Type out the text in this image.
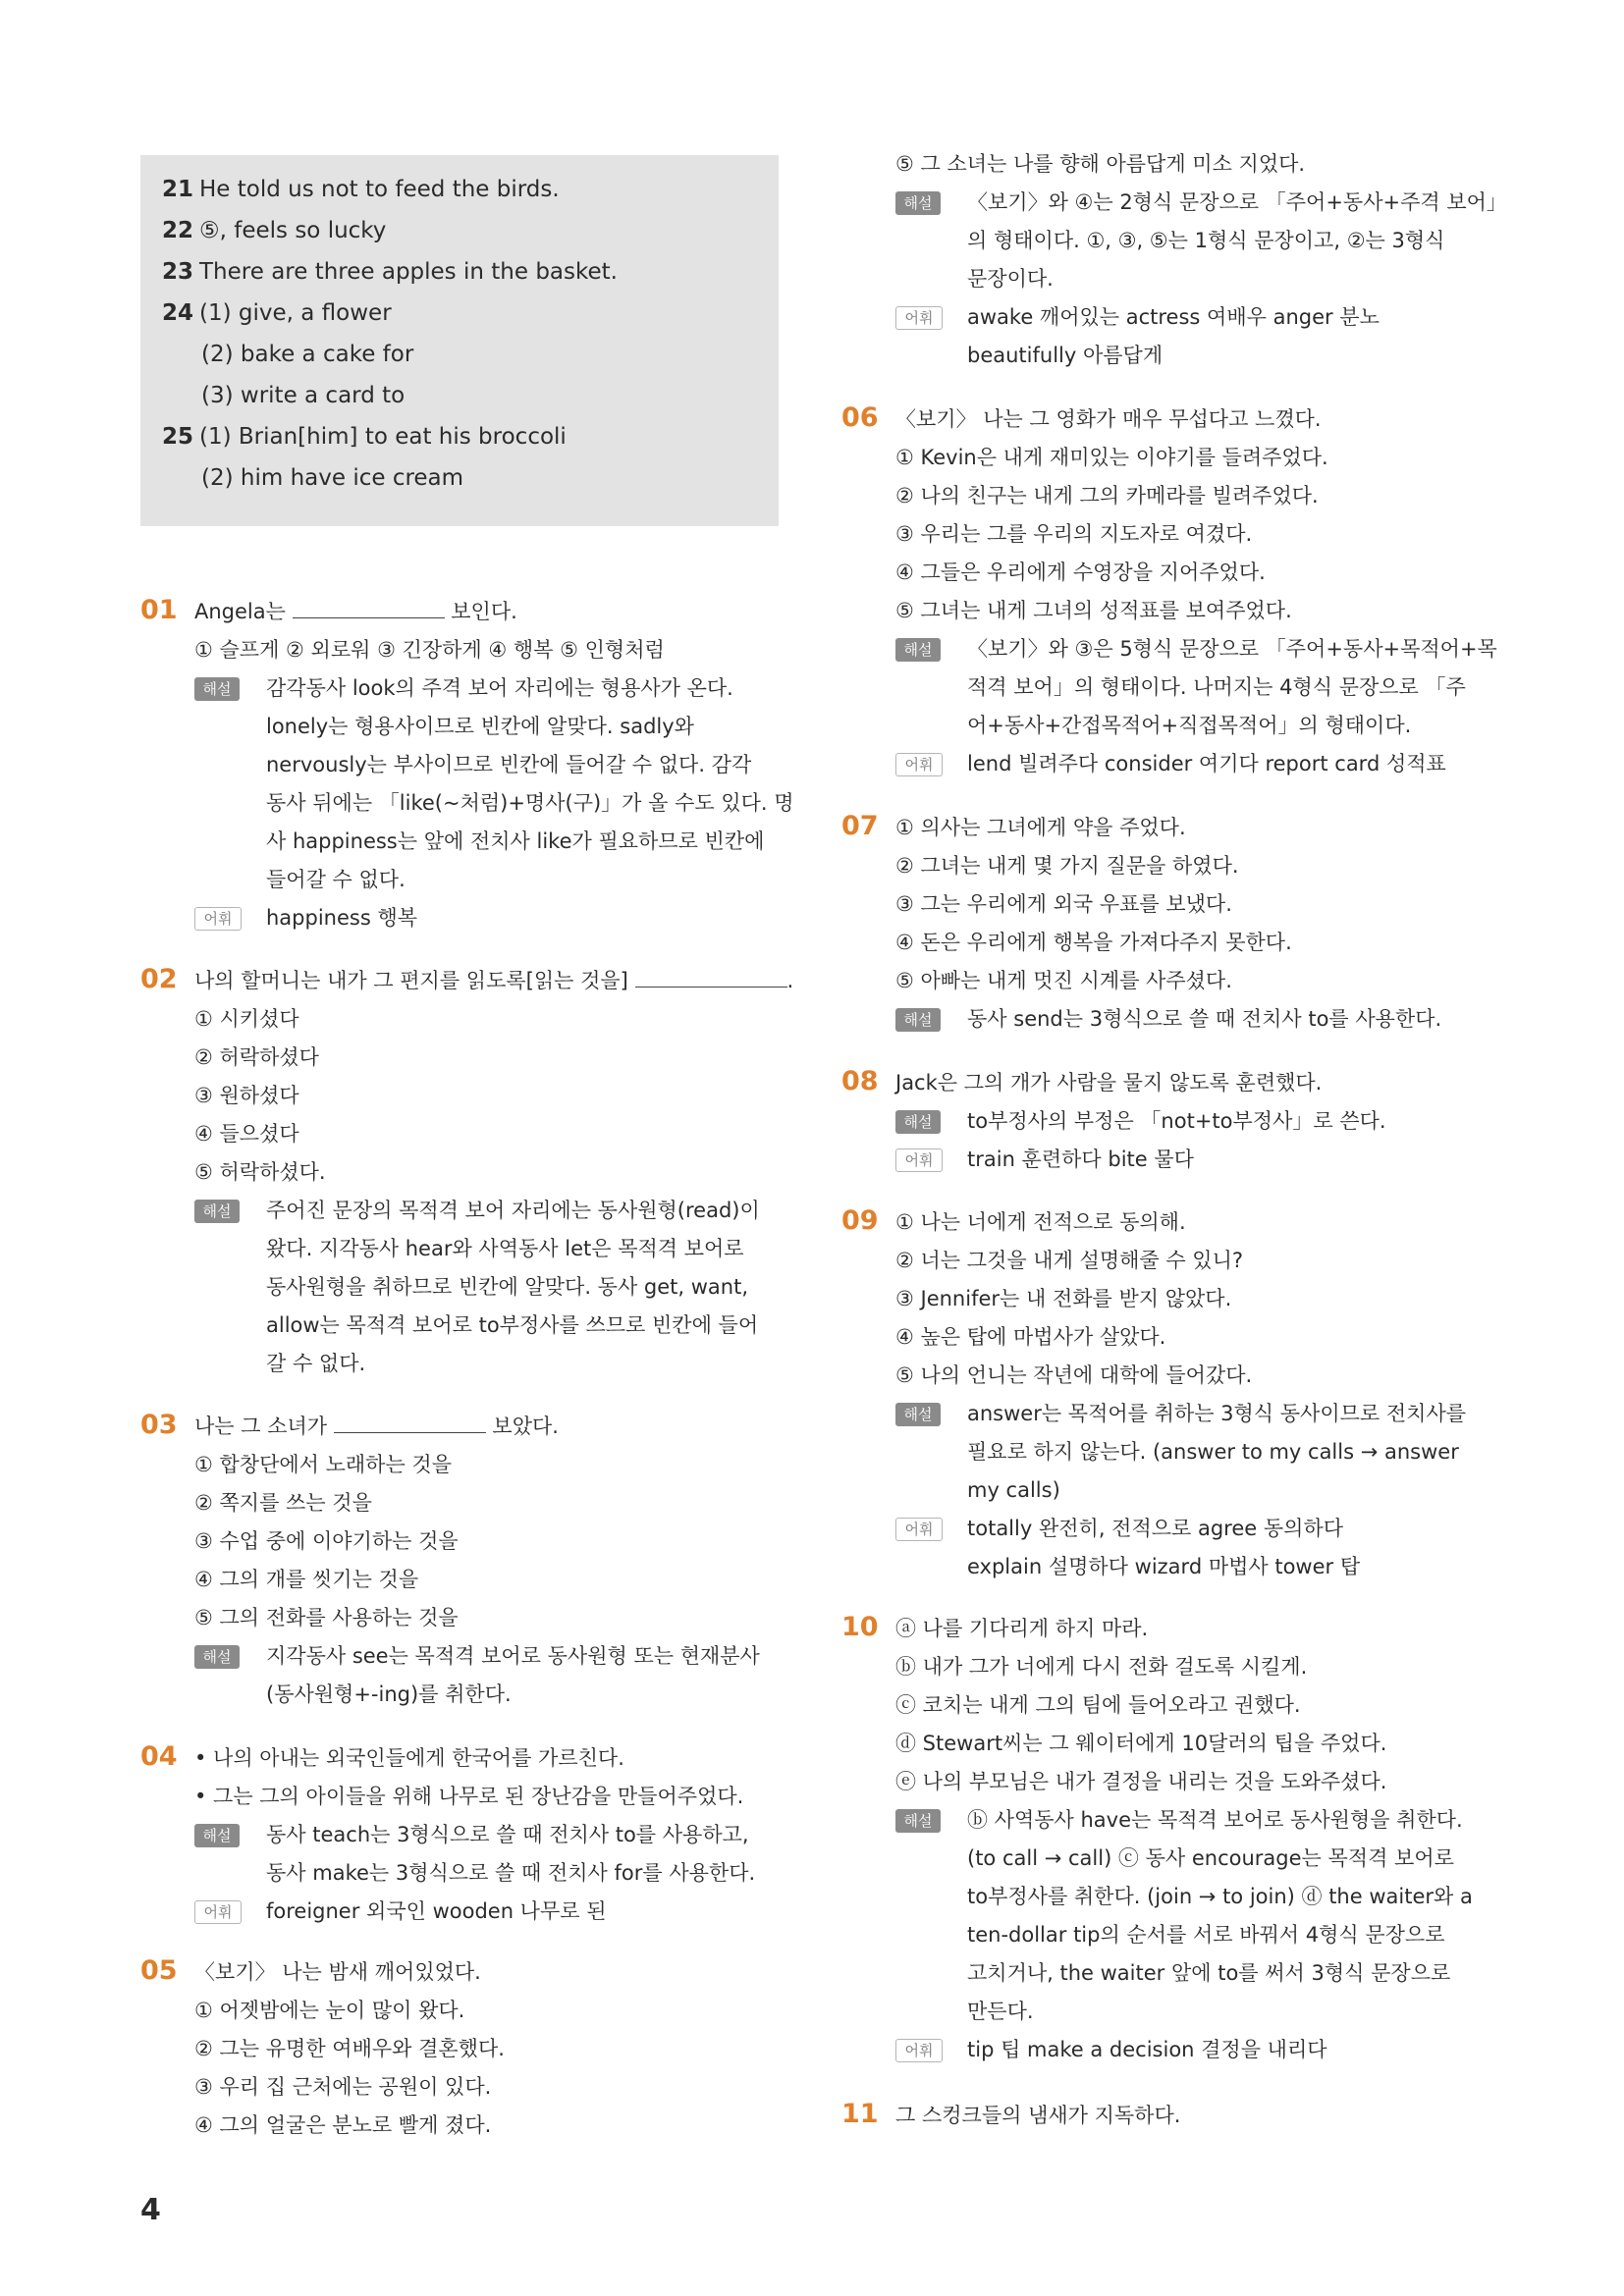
21 He told us not to feed the birds.
22 ⑤, feels so lucky
23 There are three apples in the basket.
24 (1) give, a flower
(2) bake a cake for
(3) write a card to
25 (1) Brian[him] to eat his broccoli
(2) him have ice cream
01 Angela는	보인다.
① 슬프게 ② 외로워 ③ 긴장하게 ④ 행복 ⑤ 인형처럼
해설	감각동사 look의 주격 보어 자리에는 형용사가 온다.
lonely는 형용사이므로 빈칸에 알맞다. sadly와
nervously는 부사이므로 빈칸에 들어갈 수 없다. 감각
동사 뒤에는 「like(~처럼)+명사(구)」가 올 수도 있다. 명
사 happiness는 앞에 전치사 like가 필요하므로 빈칸에
들어갈 수 없다.
어휘	happiness 행복
02 나의 할머니는 내가 그 편지를 읽도록[읽는 것을]	.
① 시키셨다
② 허락하셨다
③ 원하셨다
④ 들으셨다
⑤ 허락하셨다.
해설	주어진 문장의 목적격 보어 자리에는 동사원형(read)이
왔다. 지각동사 hear와 사역동사 let은 목적격 보어로
동사원형을 취하므로 빈칸에 알맞다. 동사 get, want,
allow는 목적격 보어로 to부정사를 쓰므로 빈칸에 들어
갈 수 없다.
03 나는 그 소녀가	보았다.
① 합창단에서 노래하는 것을
② 쪽지를 쓰는 것을
③ 수업 중에 이야기하는 것을
④ 그의 개를 씻기는 것을
⑤ 그의 전화를 사용하는 것을
해설	지각동사 see는 목적격 보어로 동사원형 또는 현재분사
(동사원형+-ing)를 취한다.
04 • 나의 아내는 외국인들에게 한국어를 가르친다.
• 그는 그의 아이들을 위해 나무로 된 장난감을 만들어주었다.
해설	동사 teach는 3형식으로 쓸 때 전치사 to를 사용하고,
동사 make는 3형식으로 쓸 때 전치사 for를 사용한다.
어휘	foreigner 외국인 wooden 나무로 된
05 〈보기〉 나는 밤새 깨어있었다.
① 어젯밤에는 눈이 많이 왔다.
② 그는 유명한 여배우와 결혼했다.
③ 우리 집 근처에는 공원이 있다.
④ 그의 얼굴은 분노로 빨게 졌다.
⑤ 그 소녀는 나를 향해 아름답게 미소 지었다.
해설	〈보기〉와 ④는 2형식 문장으로 「주어+동사+주격 보어」
의 형태이다. ①, ③, ⑤는 1형식 문장이고, ②는 3형식
문장이다.
어휘	awake 깨어있는 actress 여배우 anger 분노
beautifully 아름답게
06 〈보기〉 나는 그 영화가 매우 무섭다고 느꼈다.
① Kevin은 내게 재미있는 이야기를 들려주었다.
② 나의 친구는 내게 그의 카메라를 빌려주었다.
③ 우리는 그를 우리의 지도자로 여겼다.
④ 그들은 우리에게 수영장을 지어주었다.
⑤ 그녀는 내게 그녀의 성적표를 보여주었다.
해설	〈보기〉와 ③은 5형식 문장으로 「주어+동사+목적어+목
적격 보어」의 형태이다. 나머지는 4형식 문장으로 「주
어+동사+간접목적어+직접목적어」의 형태이다.
어휘	lend 빌려주다 consider 여기다 report card 성적표
07 ① 의사는 그녀에게 약을 주었다.
② 그녀는 내게 몇 가지 질문을 하였다.
③ 그는 우리에게 외국 우표를 보냈다.
④ 돈은 우리에게 행복을 가져다주지 못한다.
⑤ 아빠는 내게 멋진 시계를 사주셨다.
해설	동사 send는 3형식으로 쓸 때 전치사 to를 사용한다.
08 Jack은 그의 개가 사람을 물지 않도록 훈련했다.
해설	to부정사의 부정은 「not+to부정사」로 쓴다.
어휘	train 훈련하다 bite 물다
09 ① 나는 너에게 전적으로 동의해.
② 너는 그것을 내게 설명해줄 수 있니?
③ Jennifer는 내 전화를 받지 않았다.
④ 높은 탑에 마법사가 살았다.
⑤ 나의 언니는 작년에 대학에 들어갔다.
해설	answer는 목적어를 취하는 3형식 동사이므로 전치사를
필요로 하지 않는다. (answer to my calls → answer
my calls)
어휘	totally 완전히, 전적으로 agree 동의하다
explain 설명하다 wizard 마법사 tower 탑
10 ⓐ 나를 기다리게 하지 마라.
ⓑ 내가 그가 너에게 다시 전화 걸도록 시킬게.
ⓒ 코치는 내게 그의 팀에 들어오라고 권했다.
ⓓ Stewart씨는 그 웨이터에게 10달러의 팁을 주었다.
ⓔ 나의 부모님은 내가 결정을 내리는 것을 도와주셨다.
해설	ⓑ 사역동사 have는 목적격 보어로 동사원형을 취한다.
(to call → call) ⓒ 동사 encourage는 목적격 보어로
to부정사를 취한다. (join → to join) ⓓ the waiter와 a
ten-dollar tip의 순서를 서로 바꿔서 4형식 문장으로
고치거나, the waiter 앞에 to를 써서 3형식 문장으로
만든다.
어휘	tip 팁 make a decision 결정을 내리다
11 그 스컹크들의 냄새가 지독하다.
4
